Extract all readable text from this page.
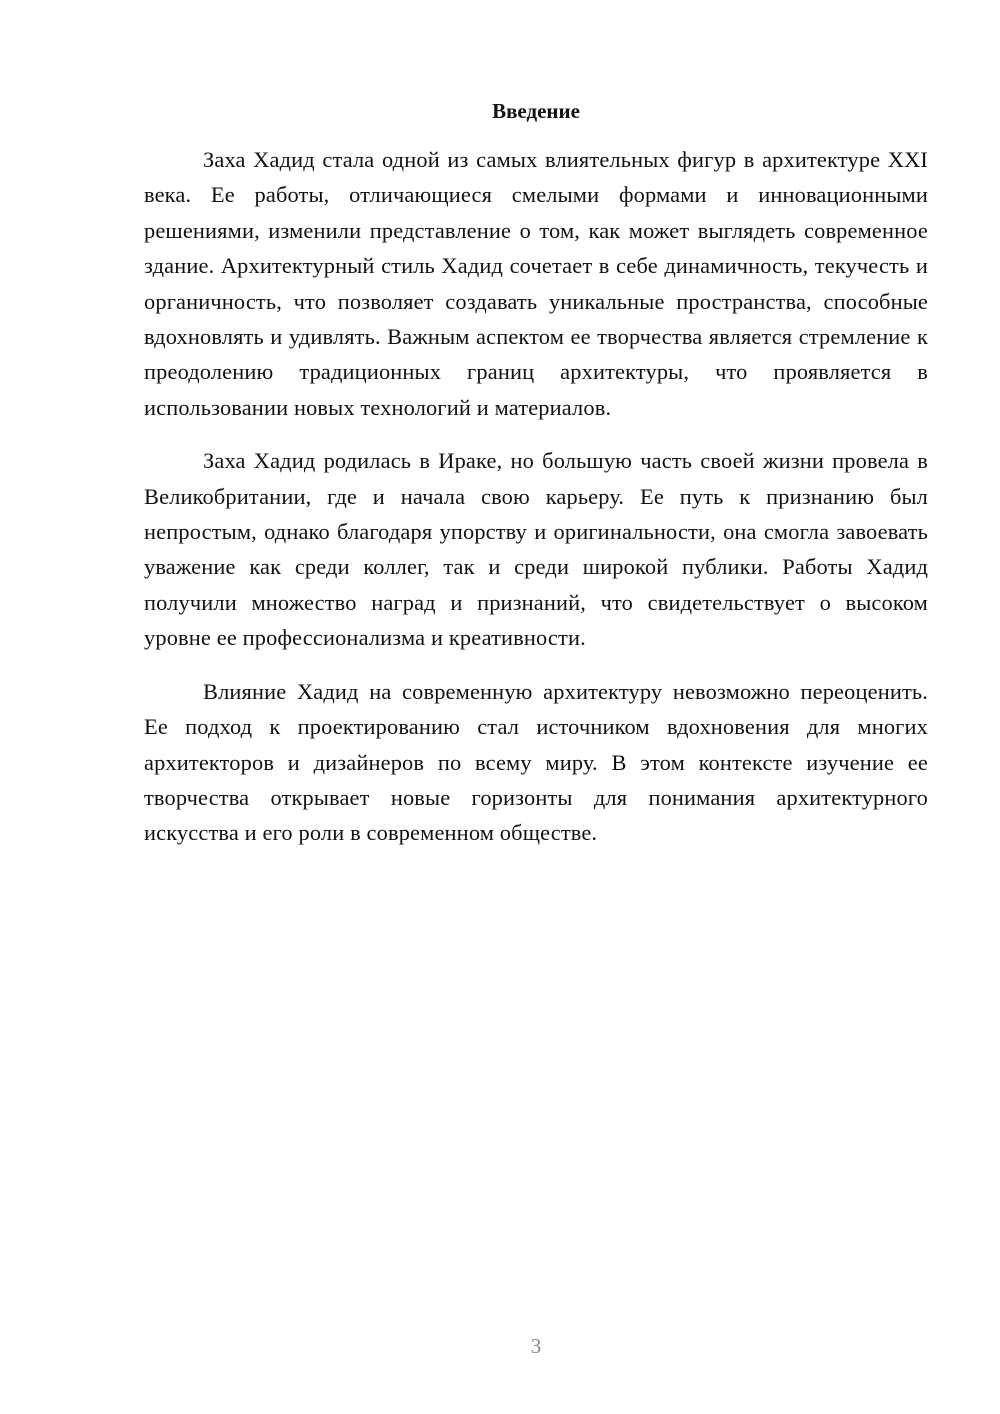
Введение

Заха Хадид стала одной из самых влиятельных фигур в архитектуре XXI века. Ее работы, отличающиеся смелыми формами и инновационными решениями, изменили представление о том, как может выглядеть современное здание. Архитектурный стиль Хадид сочетает в себе динамичность, текучесть и органичность, что позволяет создавать уникальные пространства, способные вдохновлять и удивлять. Важным аспектом ее творчества является стремление к преодолению традиционных границ архитектуры, что проявляется в использовании новых технологий и материалов.

Заха Хадид родилась в Ираке, но большую часть своей жизни провела в Великобритании, где и начала свою карьеру. Ее путь к признанию был непростым, однако благодаря упорству и оригинальности, она смогла завоевать уважение как среди коллег, так и среди широкой публики. Работы Хадид получили множество наград и признаний, что свидетельствует о высоком уровне ее профессионализма и креативности.

Влияние Хадид на современную архитектуру невозможно переоценить. Ее подход к проектированию стал источником вдохновения для многих архитекторов и дизайнеров по всему миру. В этом контексте изучение ее творчества открывает новые горизонты для понимания архитектурного искусства и его роли в современном обществе.

3
